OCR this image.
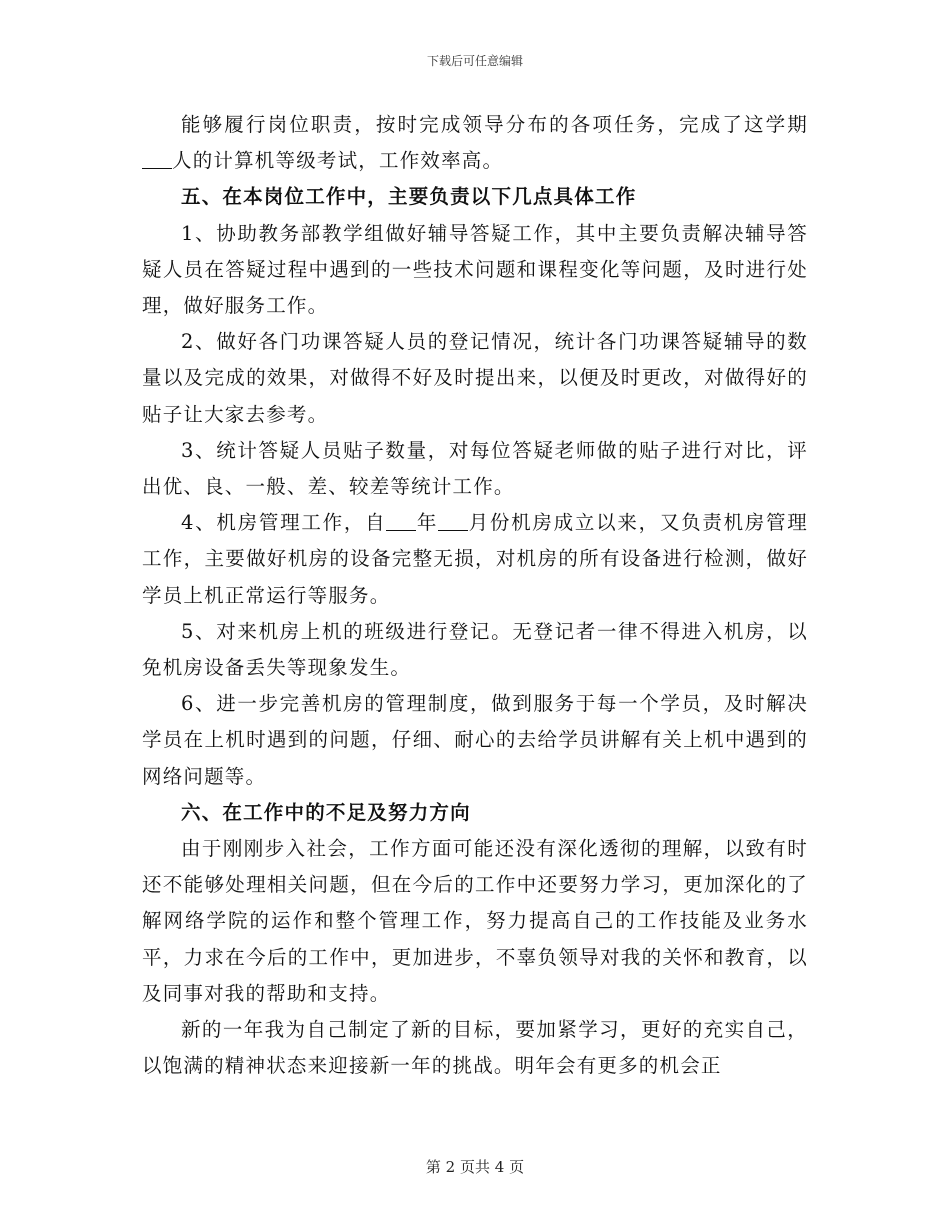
下载后可任意编辑

能够履行岗位职责，按时完成领导分布的各项任务，完成了这学期人的计算机等级考试，工作效率高。

五、在本岗位工作中，主要负责以下几点具体工作

1、协助教务部教学组做好辅导答疑工作，其中主要负责解决辅导答疑人员在答疑过程中遇到的一些技术问题和课程变化等问题，及时进行处理，做好服务工作。

2、做好各门功课答疑人员的登记情况，统计各门功课答疑辅导的数量以及完成的效果，对做得不好及时提出来，以便及时更改，对做得好的贴子让大家去参考。

3、统计答疑人员贴子数量，对每位答疑老师做的贴子进行对比，评出优、良、一般、差、较差等统计工作。

4、机房管理工作，自 年 月份机房成立以来，又负责机房管理工作，主要做好机房的设备完整无损，对机房的所有设备进行检测，做好学员上机正常运行等服务。

5、对来机房上机的班级进行登记。无登记者一律不得进入机房，以免机房设备丢失等现象发生。

6、进一步完善机房的管理制度，做到服务于每一个学员，及时解决学员在上机时遇到的问题，仔细、耐心的去给学员讲解有关上机中遇到的网络问题等。

六、在工作中的不足及努力方向

由于刚刚步入社会，工作方面可能还没有深化透彻的理解，以致有时还不能够处理相关问题，但在今后的工作中还要努力学习，更加深化的了解网络学院的运作和整个管理工作，努力提高自己的工作技能及业务水平，力求在今后的工作中，更加进步，不辜负领导对我的关怀和教育，以及同事对我的帮助和支持。

新的一年我为自己制定了新的目标，要加紧学习，更好的充实自己，以饱满的精神状态来迎接新一年的挑战。明年会有更多的机会正

第 2 页共 4 页
